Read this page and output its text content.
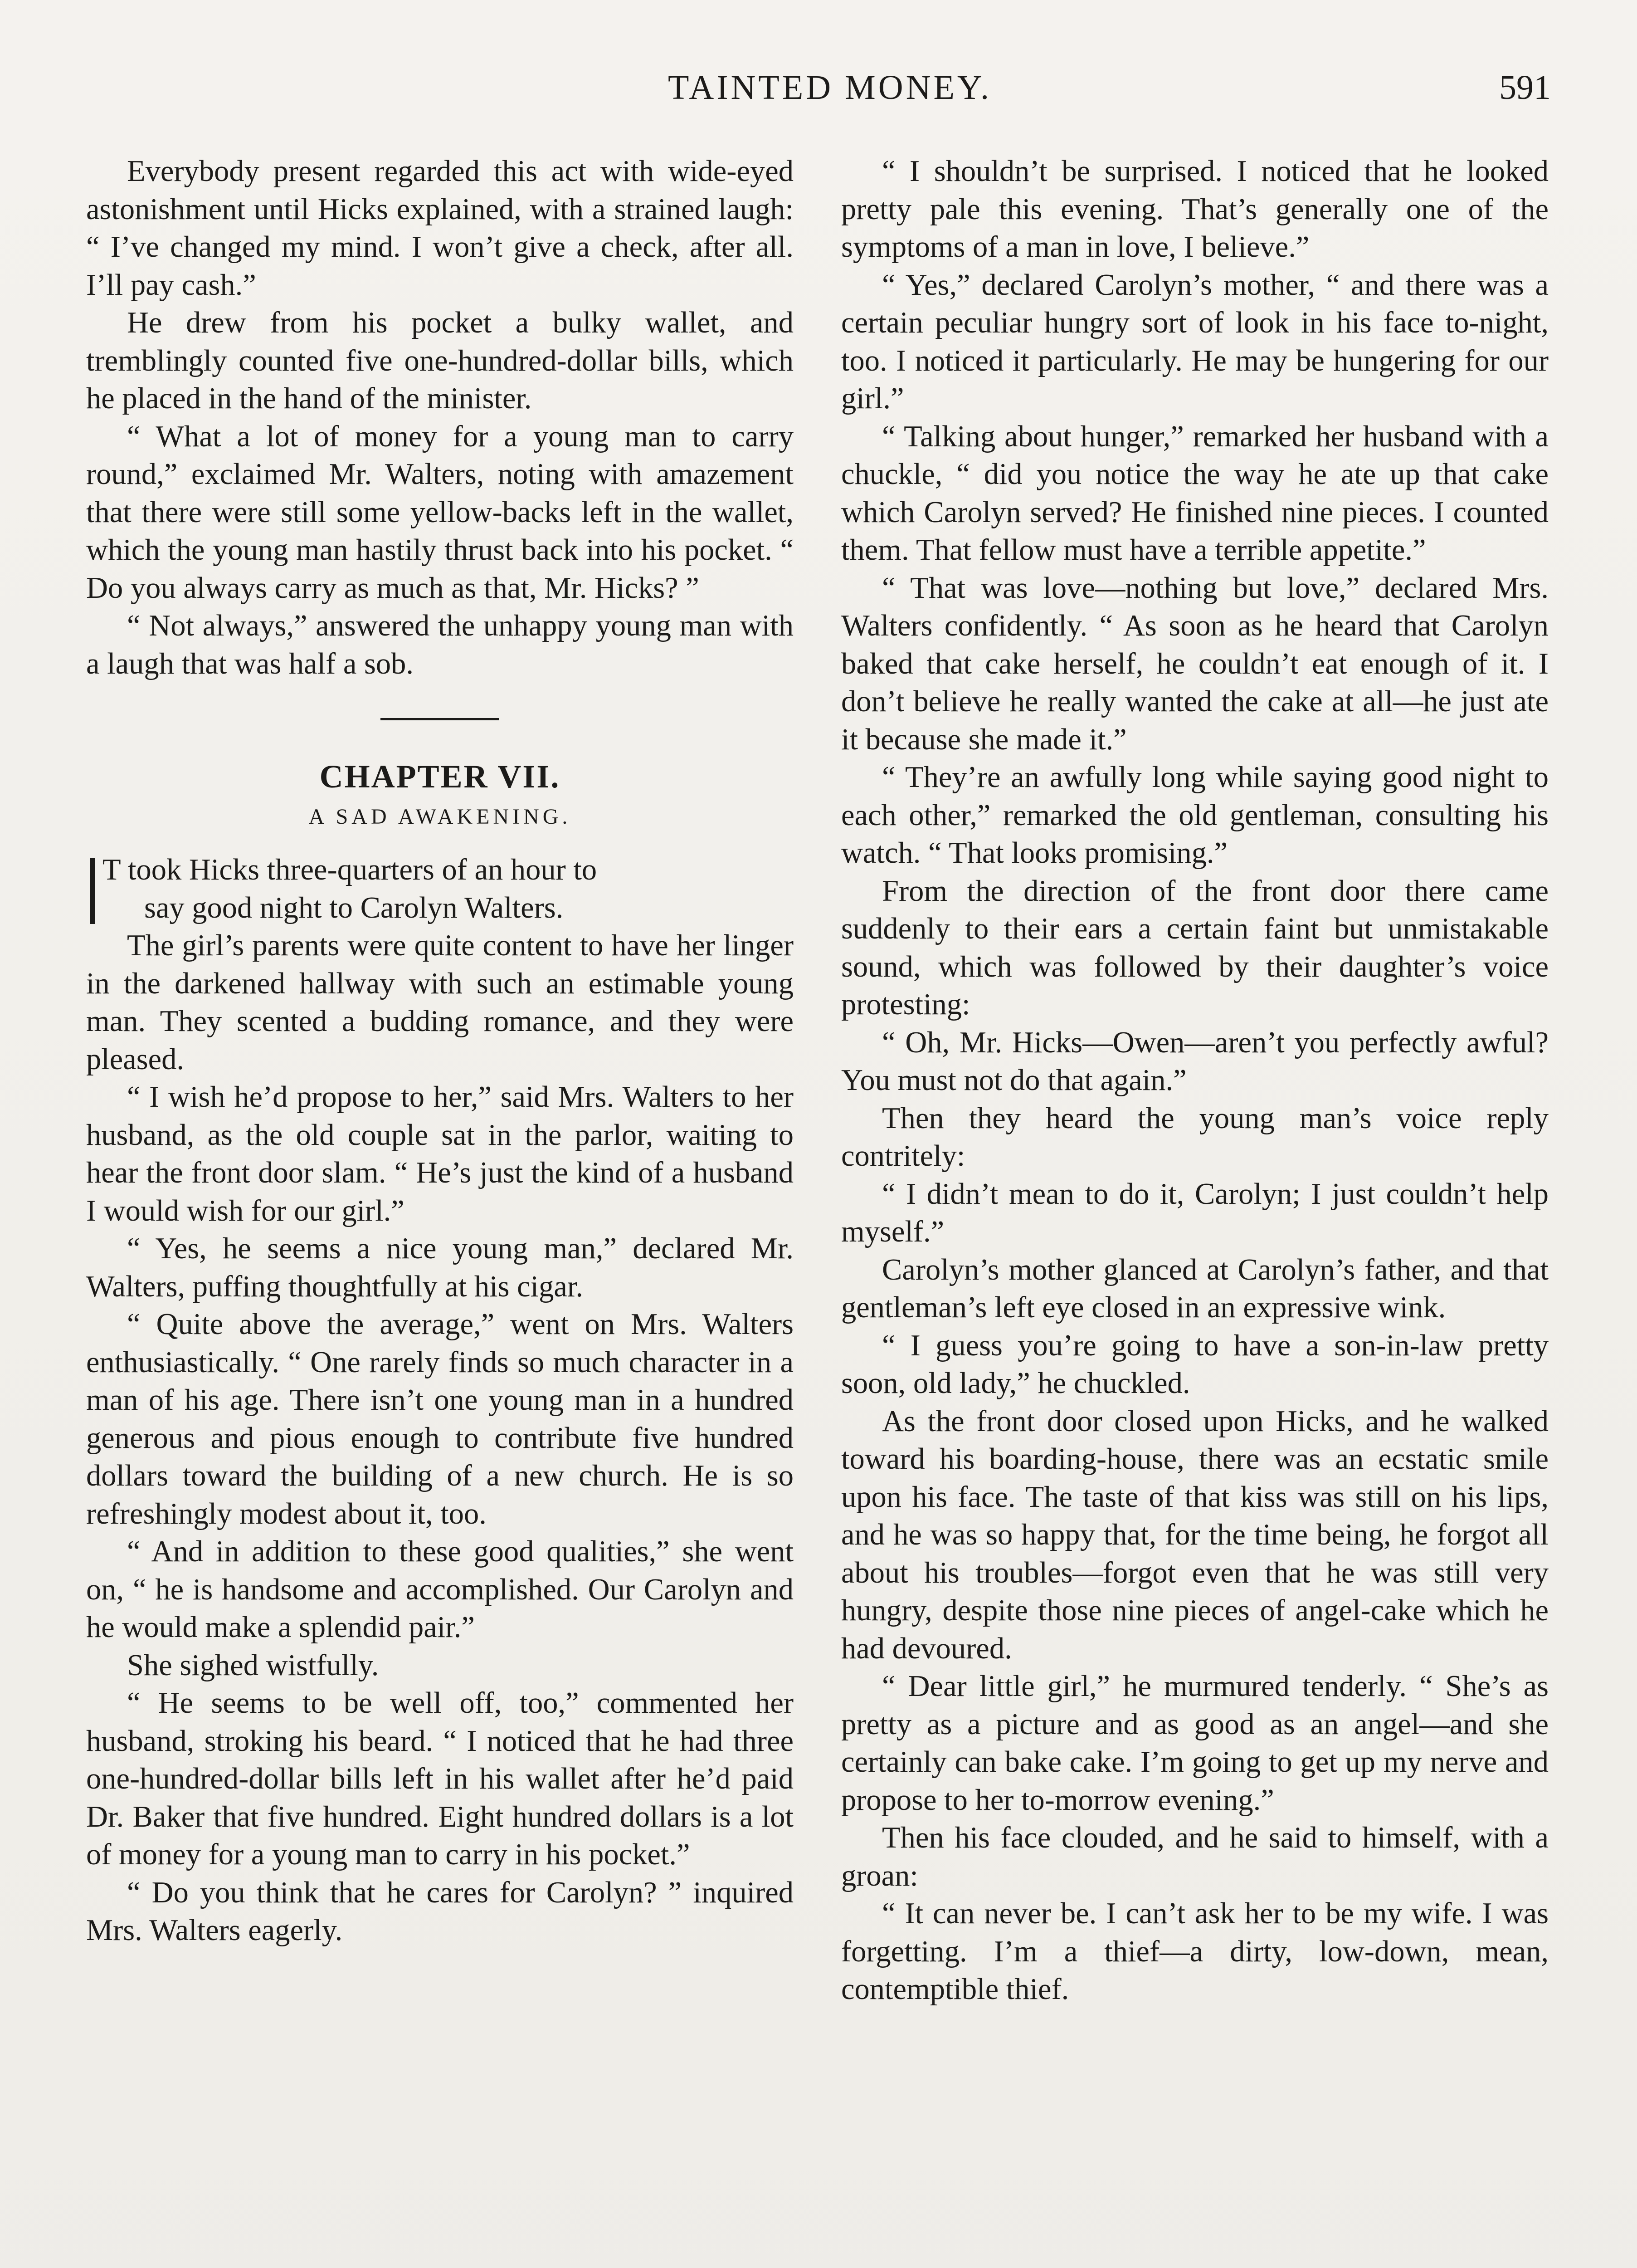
TAINTED MONEY.	591

Everybody present regarded this act with wide-eyed astonishment until Hicks explained, with a strained laugh: “ I’ve changed my mind. I won’t give a check, after all. I’ll pay cash.”

He drew from his pocket a bulky wallet, and tremblingly counted five one-hundred-dollar bills, which he placed in the hand of the minister.

“ What a lot of money for a young man to carry round,” exclaimed Mr. Walters, noting with amazement that there were still some yellow-backs left in the wallet, which the young man hastily thrust back into his pocket. “ Do you always carry as much as that, Mr. Hicks? ”

“ Not always,” answered the unhappy young man with a laugh that was half a sob.

CHAPTER VII.
A SAD AWAKENING.

T took Hicks three-quarters of an hour to

say good night to Carolyn Walters.

The girl’s parents were quite content to have her linger in the darkened hallway with such an estimable young man. They scented a budding romance, and they were pleased.

“ I wish he’d propose to her,” said Mrs. Walters to her husband, as the old couple sat in the parlor, waiting to hear the front door slam. “ He’s just the kind of a husband I would wish for our girl.”

“ Yes, he seems a nice young man,” declared Mr. Walters, puffing thoughtfully at his cigar.

“ Quite above the average,” went on Mrs. Walters enthusiastically. “ One rarely finds so much character in a man of his age. There isn’t one young man in a hundred generous and pious enough to contribute five hundred dollars toward the building of a new church. He is so refreshingly modest about it, too.

“ And in addition to these good qualities,” she went on, “ he is handsome and accomplished. Our Carolyn and he would make a splendid pair.”

She sighed wistfully.

“ He seems to be well off, too,” commented her husband, stroking his beard. “ I noticed that he had three one-hundred-dollar bills left in his wallet after he’d paid Dr. Baker that five hundred. Eight hundred dollars is a lot of money for a young man to carry in his pocket.”

“ Do you think that he cares for Carolyn? ” inquired Mrs. Walters eagerly.

“ I shouldn’t be surprised. I noticed that he looked pretty pale this evening. That’s generally one of the symptoms of a man in love, I believe.”

“ Yes,” declared Carolyn’s mother, “ and there was a certain peculiar hungry sort of look in his face to-night, too. I noticed it particularly. He may be hungering for our girl.”

“ Talking about hunger,” remarked her husband with a chuckle, “ did you notice the way he ate up that cake which Carolyn served? He finished nine pieces. I counted them. That fellow must have a terrible appetite.”

“ That was love—nothing but love,” declared Mrs. Walters confidently. “ As soon as he heard that Carolyn baked that cake herself, he couldn’t eat enough of it. I don’t believe he really wanted the cake at all—he just ate it because she made it.”

“ They’re an awfully long while saying good night to each other,” remarked the old gentleman, consulting his watch. “ That looks promising.”

From the direction of the front door there came suddenly to their ears a certain faint but unmistakable sound, which was followed by their daughter’s voice protesting:

“ Oh, Mr. Hicks—Owen—aren’t you perfectly awful? You must not do that again.”

Then they heard the young man’s voice reply contritely:

“ I didn’t mean to do it, Carolyn; I just couldn’t help myself.”

Carolyn’s mother glanced at Carolyn’s father, and that gentleman’s left eye closed in an expressive wink.

“ I guess you’re going to have a son-in-law pretty soon, old lady,” he chuckled.

As the front door closed upon Hicks, and he walked toward his boarding-house, there was an ecstatic smile upon his face. The taste of that kiss was still on his lips, and he was so happy that, for the time being, he forgot all about his troubles—forgot even that he was still very hungry, despite those nine pieces of angel-cake which he had devoured.

“ Dear little girl,” he murmured tenderly. “ She’s as pretty as a picture and as good as an angel—and she certainly can bake cake. I’m going to get up my nerve and propose to her to-morrow evening.”

Then his face clouded, and he said to himself, with a groan:

“ It can never be. I can’t ask her to be my wife. I was forgetting. I’m a thief—a dirty, low-down, mean, contemptible thief.
